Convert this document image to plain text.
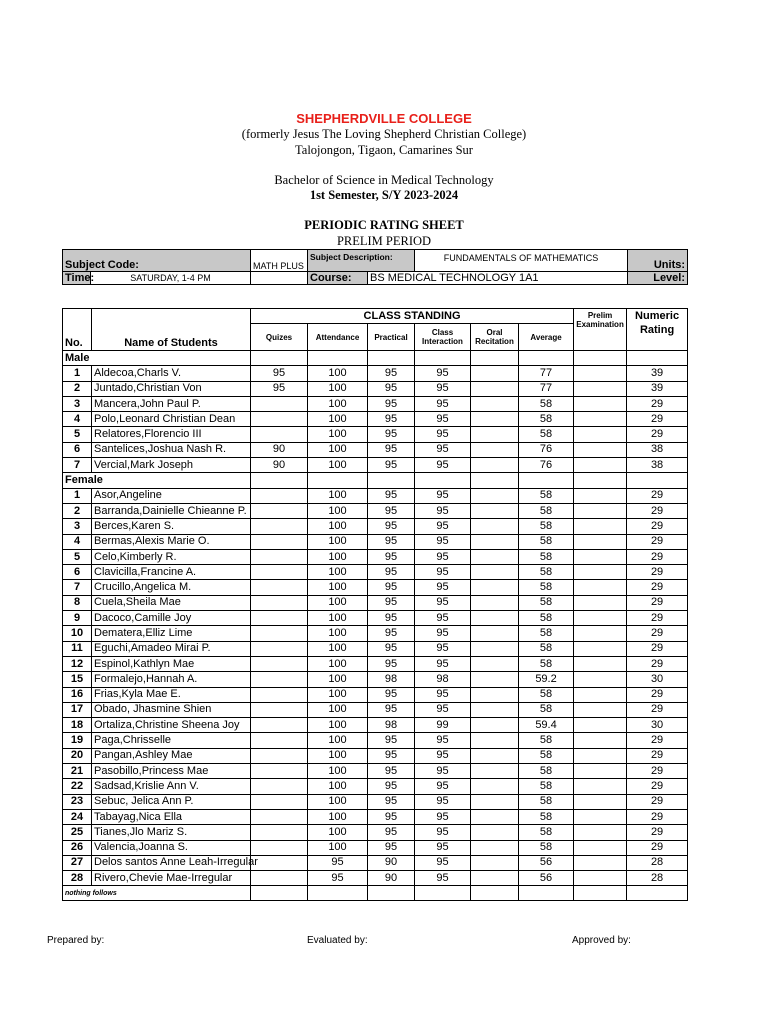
SHEPHERDVILLE COLLEGE
(formerly Jesus The Loving Shepherd Christian College)
Talojongon, Tigaon, Camarines Sur
Bachelor of Science in Medical Technology
1st Semester, S/Y 2023-2024
PERIODIC RATING SHEET
PRELIM PERIOD
Subject Code:		MATH PLUS	Subject Description:		FUNDAMENTALS OF MATHEMATICS	Units:
Time:	SATURDAY, 1-4 PM		Course:	BS MEDICAL TECHNOLOGY 1A1		Level:
No.	Name of Students	CLASS STANDING						Prelim Examination	Numeric Rating
		Quizes	Attendance	Practical	Class Interaction	Oral Recitation	Average		
Male									
1	Aldecoa,Charls V.	95	100	95	95		77		39
2	Juntado,Christian Von	95	100	95	95		77		39
3	Mancera,John Paul P.		100	95	95		58		29
4	Polo,Leonard Christian Dean		100	95	95		58		29
5	Relatores,Florencio III		100	95	95		58		29
6	Santelices,Joshua Nash R.	90	100	95	95		76		38
7	Vercial,Mark Joseph	90	100	95	95		76		38
Female									
1	Asor,Angeline		100	95	95		58		29
2	Barranda,Dainielle Chieanne P.		100	95	95		58		29
3	Berces,Karen S.		100	95	95		58		29
4	Bermas,Alexis Marie O.		100	95	95		58		29
5	Celo,Kimberly R.		100	95	95		58		29
6	Clavicilla,Francine A.		100	95	95		58		29
7	Crucillo,Angelica M.		100	95	95		58		29
8	Cuela,Sheila Mae		100	95	95		58		29
9	Dacoco,Camille Joy		100	95	95		58		29
10	Dematera,Elliz Lime		100	95	95		58		29
11	Eguchi,Amadeo Mirai P.		100	95	95		58		29
12	Espinol,Kathlyn Mae		100	95	95		58		29
15	Formalejo,Hannah A.		100	98	98		59.2		30
16	Frias,Kyla Mae E.		100	95	95		58		29
17	Obado, Jhasmine Shien		100	95	95		58		29
18	Ortaliza,Christine Sheena Joy		100	98	99		59.4		30
19	Paga,Chrisselle		100	95	95		58		29
20	Pangan,Ashley Mae		100	95	95		58		29
21	Pasobillo,Princess Mae		100	95	95		58		29
22	Sadsad,Krislie Ann V.		100	95	95		58		29
23	Sebuc, Jelica Ann P.		100	95	95		58		29
24	Tabayag,Nica Ella		100	95	95		58		29
25	Tianes,Jlo Mariz S.		100	95	95		58		29
26	Valencia,Joanna S.		100	95	95		58		29
27	Delos santos Anne Leah-Irregular		95	90	95		56		28
28	Rivero,Chevie Mae-Irregular		95	90	95		56		28
nothing follows									
Prepared by:	Evaluated by:	Approved by:
